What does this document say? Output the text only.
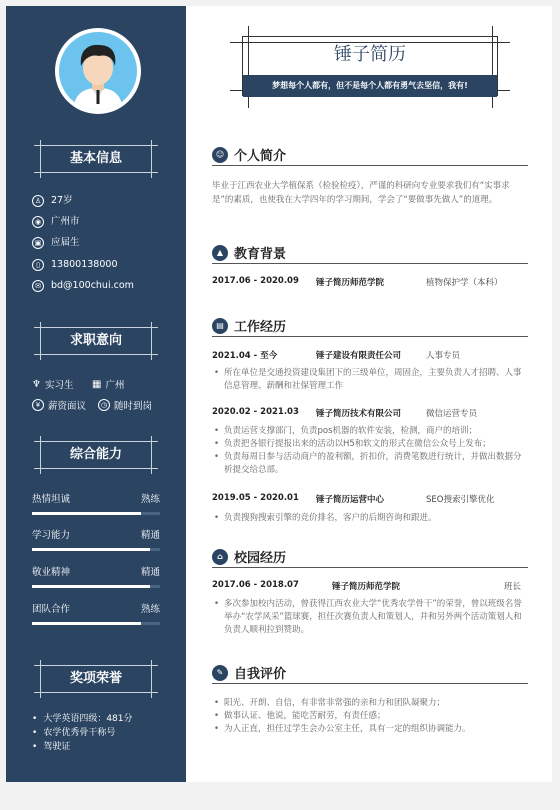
基本信息
♙	27岁
◉	广州市
▣ 应届生
▯	13800138000
✉	bd@100chui.com
求职意向
♆ 实习生 ▦ 广州
¥ 薪资面议	◷ 随时到岗
综合能力
热情坦诚	熟练
学习能力	精通
敬业精神	精通
团队合作	熟练
奖项荣誉
• 大学英语四级：481分
• 农学优秀骨干称号
• 驾驶证
锤子简历
梦想每个人都有，但不是每个人都有勇气去坚信，我有!
☺ 个人简介
毕业于江西农业大学植保系（检验检疫），严谨的科研向专业要求我们有“实事求是”的素质，也使我在大学四年的学习期间，学会了“要做事先做人”的道理。
▲ 教育背景
2017.06 - 2020.09	锤子简历师范学院	植物保护学（本科）
▤ 工作经历
2021.04 - 至今	锤子建设有限责任公司	人事专员
• 所在单位是交通投资建设集团下的三级单位，周固企，主要负责人才招聘、人事信息管理、薪酬和社保管理工作
2020.02 - 2021.03	锤子简历技术有限公司	微信运营专员
• 负责运营支撑部门，负责pos机器的软件安装，检测，商户的培训；
• 负责把各银行提报出来的活动以H5和软文的形式在微信公众号上发布；
• 负责每周日参与活动商户的盈利额，折扣价，消费笔数进行统计，并做出数据分析提交给总部。
2019.05 - 2020.01	锤子简历运营中心	SEO搜索引擎优化
• 负责搜狗搜索引擎的竞价排名，客户的后期咨询和跟进。
⌂ 校园经历
2017.06 - 2018.07	锤子简历师范学院	班长
• 多次参加校内活动，曾获得江西农业大学“优秀农学骨干”的荣誉，曾以班级名誉举办“农学风采”篮球赛，担任次赛负责人和策划人，并和另外两个活动策划人和负责人顺利拉到赞助。
✎ 自我评价
• 阳光、开朗、自信，有非常非常强的亲和力和团队凝聚力；
• 做事认证、他说，能吃苦耐劳，有责任感；
• 为人正直，担任过学生会办公室主任，具有一定的组织协调能力。
